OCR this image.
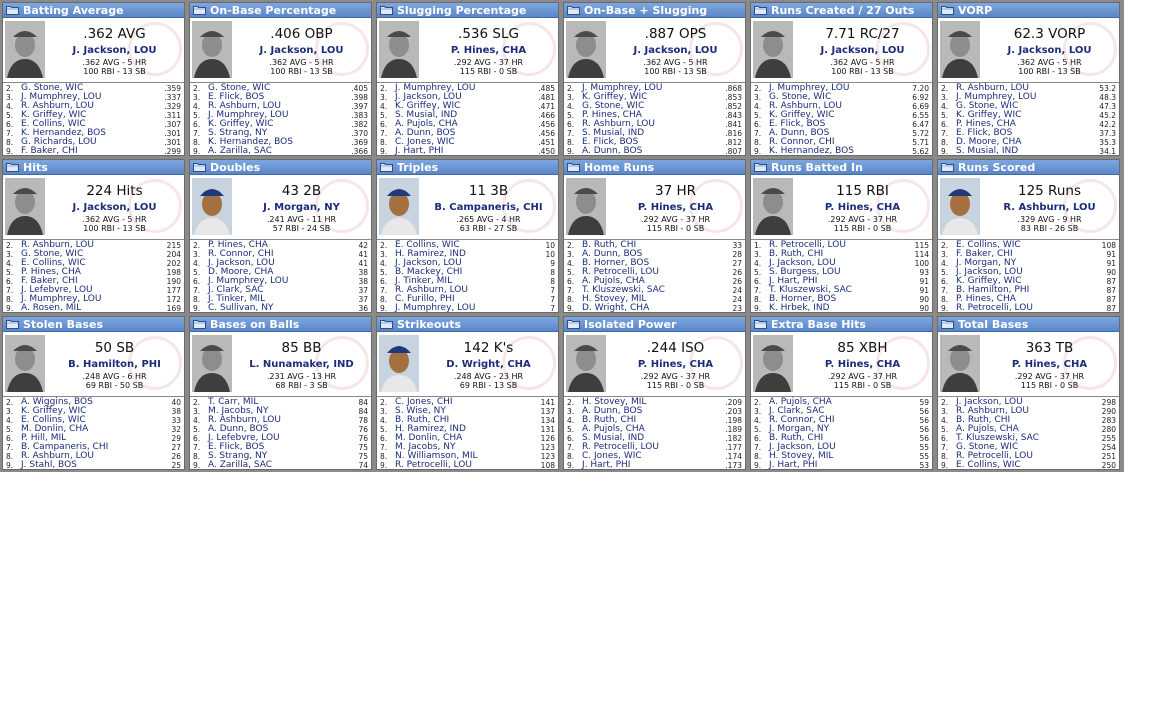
Batting Average
.362 AVG
J. Jackson, LOU
.362 AVG - 5 HR
100 RBI - 13 SB
2. G. Stone, WIC	.359
3. J. Mumphrey, LOU	.337
4. R. Ashburn, LOU	.329
5. K. Griffey, WIC	.311
6. E. Collins, WIC	.307
7. K. Hernandez, BOS	.301
8. G. Richards, LOU	.301
9. F. Baker, CHI	.299
On-Base Percentage
.406 OBP
J. Jackson, LOU
.362 AVG - 5 HR
100 RBI - 13 SB
2. G. Stone, WIC	.405
3. E. Flick, BOS	.398
4. R. Ashburn, LOU	.397
5. J. Mumphrey, LOU	.383
6. K. Griffey, WIC	.382
7. S. Strang, NY	.370
8. K. Hernandez, BOS	.369
9. A. Zarilla, SAC	.366
Slugging Percentage
.536 SLG
P. Hines, CHA
.292 AVG - 37 HR
115 RBI - 0 SB
2. J. Mumphrey, LOU	.485
3. J. Jackson, LOU	.481
4. K. Griffey, WIC	.471
5. S. Musial, IND	.466
6. A. Pujols, CHA	.456
7. A. Dunn, BOS	.456
8. C. Jones, WIC	.451
9. J. Hart, PHI	.450
On-Base + Slugging
.887 OPS
J. Jackson, LOU
.362 AVG - 5 HR
100 RBI - 13 SB
2. J. Mumphrey, LOU	.868
3. K. Griffey, WIC	.853
4. G. Stone, WIC	.852
5. P. Hines, CHA	.843
6. R. Ashburn, LOU	.841
7. S. Musial, IND	.816
8. E. Flick, BOS	.812
9. A. Dunn, BOS	.807
Runs Created / 27 Outs
7.71 RC/27
J. Jackson, LOU
.362 AVG - 5 HR
100 RBI - 13 SB
2. J. Mumphrey, LOU	7.20
3. G. Stone, WIC	6.92
4. R. Ashburn, LOU	6.69
5. K. Griffey, WIC	6.55
6. E. Flick, BOS	6.47
7. A. Dunn, BOS	5.72
8. R. Connor, CHI	5.71
9. K. Hernandez, BOS	5.62
VORP
62.3 VORP
J. Jackson, LOU
.362 AVG - 5 HR
100 RBI - 13 SB
2. R. Ashburn, LOU	53.2
3. J. Mumphrey, LOU	48.3
4. G. Stone, WIC	47.3
5. K. Griffey, WIC	45.2
6. P. Hines, CHA	42.2
7. E. Flick, BOS	37.3
8. D. Moore, CHA	35.3
9. S. Musial, IND	34.1
Hits
224 Hits
J. Jackson, LOU
.362 AVG - 5 HR
100 RBI - 13 SB
2. R. Ashburn, LOU	215
3. G. Stone, WIC	204
4. E. Collins, WIC	202
5. P. Hines, CHA	198
6. F. Baker, CHI	190
7. J. Lefebvre, LOU	177
8. J. Mumphrey, LOU	172
9. A. Rosen, MIL	169
Doubles
43 2B
J. Morgan, NY
.241 AVG - 11 HR
57 RBI - 24 SB
2. P. Hines, CHA	42
3. R. Connor, CHI	41
4. J. Jackson, LOU	41
5. D. Moore, CHA	38
6. J. Mumphrey, LOU	38
7. J. Clark, SAC	37
8. J. Tinker, MIL	37
9. C. Sullivan, NY	36
Triples
11 3B
B. Campaneris, CHI
.265 AVG - 4 HR
63 RBI - 27 SB
2. E. Collins, WIC	10
3. H. Ramirez, IND	10
4. J. Jackson, LOU	9
5. B. Mackey, CHI	8
6. J. Tinker, MIL	8
7. R. Ashburn, LOU	7
8. C. Furillo, PHI	7
9. J. Mumphrey, LOU	7
Home Runs
37 HR
P. Hines, CHA
.292 AVG - 37 HR
115 RBI - 0 SB
2. B. Ruth, CHI	33
3. A. Dunn, BOS	28
4. B. Horner, BOS	27
5. R. Petrocelli, LOU	26
6. A. Pujols, CHA	26
7. T. Kluszewski, SAC	24
8. H. Stovey, MIL	24
9. D. Wright, CHA	23
Runs Batted In
115 RBI
P. Hines, CHA
.292 AVG - 37 HR
115 RBI - 0 SB
1. R. Petrocelli, LOU	115
3. B. Ruth, CHI	114
4. J. Jackson, LOU	100
5. S. Burgess, LOU	93
6. J. Hart, PHI	91
7. T. Kluszewski, SAC	91
8. B. Horner, BOS	90
9. K. Hrbek, IND	90
Runs Scored
125 Runs
R. Ashburn, LOU
.329 AVG - 9 HR
83 RBI - 26 SB
2. E. Collins, WIC	108
3. F. Baker, CHI	91
4. J. Morgan, NY	91
5. J. Jackson, LOU	90
6. K. Griffey, WIC	87
7. B. Hamilton, PHI	87
8. P. Hines, CHA	87
9. R. Petrocelli, LOU	87
Stolen Bases
50 SB
B. Hamilton, PHI
.248 AVG - 6 HR
69 RBI - 50 SB
2. A. Wiggins, BOS	40
3. K. Griffey, WIC	38
4. E. Collins, WIC	33
5. M. Donlin, CHA	32
6. P. Hill, MIL	29
7. B. Campaneris, CHI	27
8. R. Ashburn, LOU	26
9. J. Stahl, BOS	25
Bases on Balls
85 BB
L. Nunamaker, IND
.231 AVG - 13 HR
68 RBI - 3 SB
2. T. Carr, MIL	84
3. M. Jacobs, NY	84
4. R. Ashburn, LOU	78
5. A. Dunn, BOS	76
6. J. Lefebvre, LOU	76
7. E. Flick, BOS	75
8. S. Strang, NY	75
9. A. Zarilla, SAC	74
Strikeouts
142 K's
D. Wright, CHA
.248 AVG - 23 HR
69 RBI - 13 SB
2. C. Jones, CHI	141
3. S. Wise, NY	137
4. B. Ruth, CHI	134
5. H. Ramirez, IND	131
6. M. Donlin, CHA	126
7. M. Jacobs, NY	123
8. N. Williamson, MIL	123
9. R. Petrocelli, LOU	108
Isolated Power
.244 ISO
P. Hines, CHA
.292 AVG - 37 HR
115 RBI - 0 SB
2. H. Stovey, MIL	.209
3. A. Dunn, BOS	.203
4. B. Ruth, CHI	.198
5. A. Pujols, CHA	.189
6. S. Musial, IND	.182
7. R. Petrocelli, LOU	.177
8. C. Jones, WIC	.174
9. J. Hart, PHI	.173
Extra Base Hits
85 XBH
P. Hines, CHA
.292 AVG - 37 HR
115 RBI - 0 SB
2. A. Pujols, CHA	59
3. J. Clark, SAC	56
4. R. Connor, CHI	56
5. J. Morgan, NY	56
6. B. Ruth, CHI	56
7. J. Jackson, LOU	55
8. H. Stovey, MIL	55
9. J. Hart, PHI	53
Total Bases
363 TB
P. Hines, CHA
.292 AVG - 37 HR
115 RBI - 0 SB
2. J. Jackson, LOU	298
3. R. Ashburn, LOU	290
4. B. Ruth, CHI	283
5. A. Pujols, CHA	280
6. T. Kluszewski, SAC	255
7. G. Stone, WIC	254
8. R. Petrocelli, LOU	251
9. E. Collins, WIC	250
